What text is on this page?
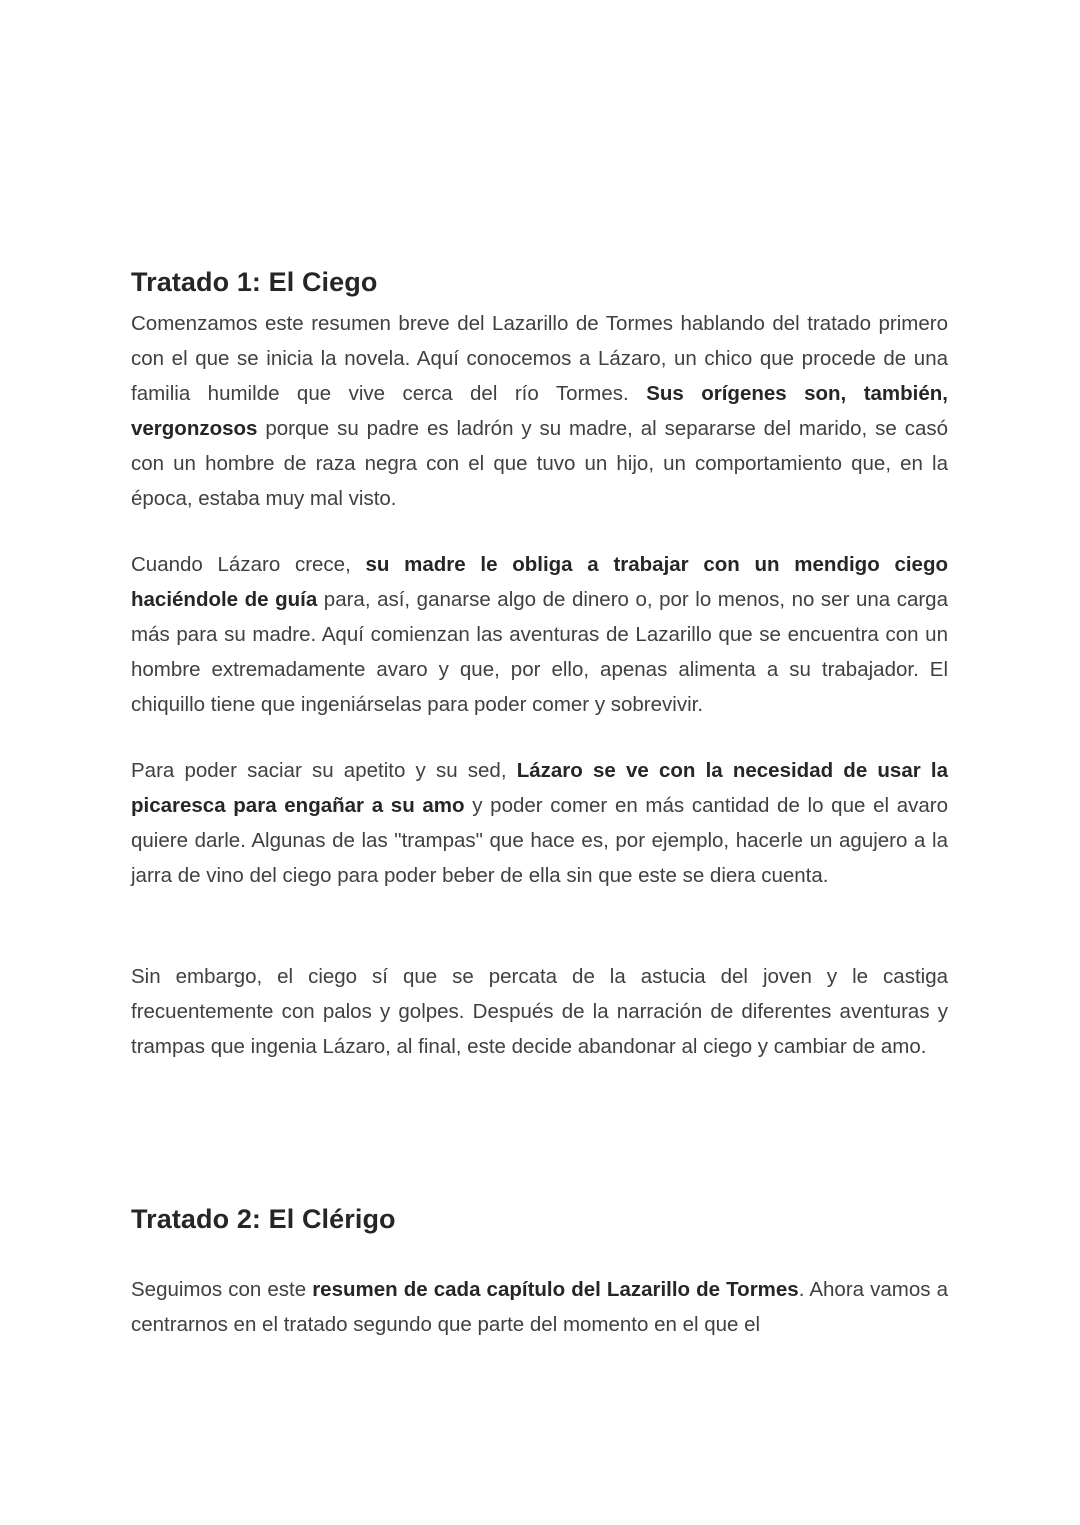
Tratado 1: El Ciego

Comenzamos este resumen breve del Lazarillo de Tormes hablando del tratado primero con el que se inicia la novela. Aquí conocemos a Lázaro, un chico que procede de una familia humilde que vive cerca del río Tormes. Sus orígenes son, también, vergonzosos porque su padre es ladrón y su madre, al separarse del marido, se casó con un hombre de raza negra con el que tuvo un hijo, un comportamiento que, en la época, estaba muy mal visto.

Cuando Lázaro crece, su madre le obliga a trabajar con un mendigo ciego haciéndole de guía para, así, ganarse algo de dinero o, por lo menos, no ser una carga más para su madre. Aquí comienzan las aventuras de Lazarillo que se encuentra con un hombre extremadamente avaro y que, por ello, apenas alimenta a su trabajador. El chiquillo tiene que ingeniárselas para poder comer y sobrevivir.

Para poder saciar su apetito y su sed, Lázaro se ve con la necesidad de usar la picaresca para engañar a su amo y poder comer en más cantidad de lo que el avaro quiere darle. Algunas de las "trampas" que hace es, por ejemplo, hacerle un agujero a la jarra de vino del ciego para poder beber de ella sin que este se diera cuenta.

Sin embargo, el ciego sí que se percata de la astucia del joven y le castiga frecuentemente con palos y golpes. Después de la narración de diferentes aventuras y trampas que ingenia Lázaro, al final, este decide abandonar al ciego y cambiar de amo.

Tratado 2: El Clérigo

Seguimos con este resumen de cada capítulo del Lazarillo de Tormes. Ahora vamos a centrarnos en el tratado segundo que parte del momento en el que el
